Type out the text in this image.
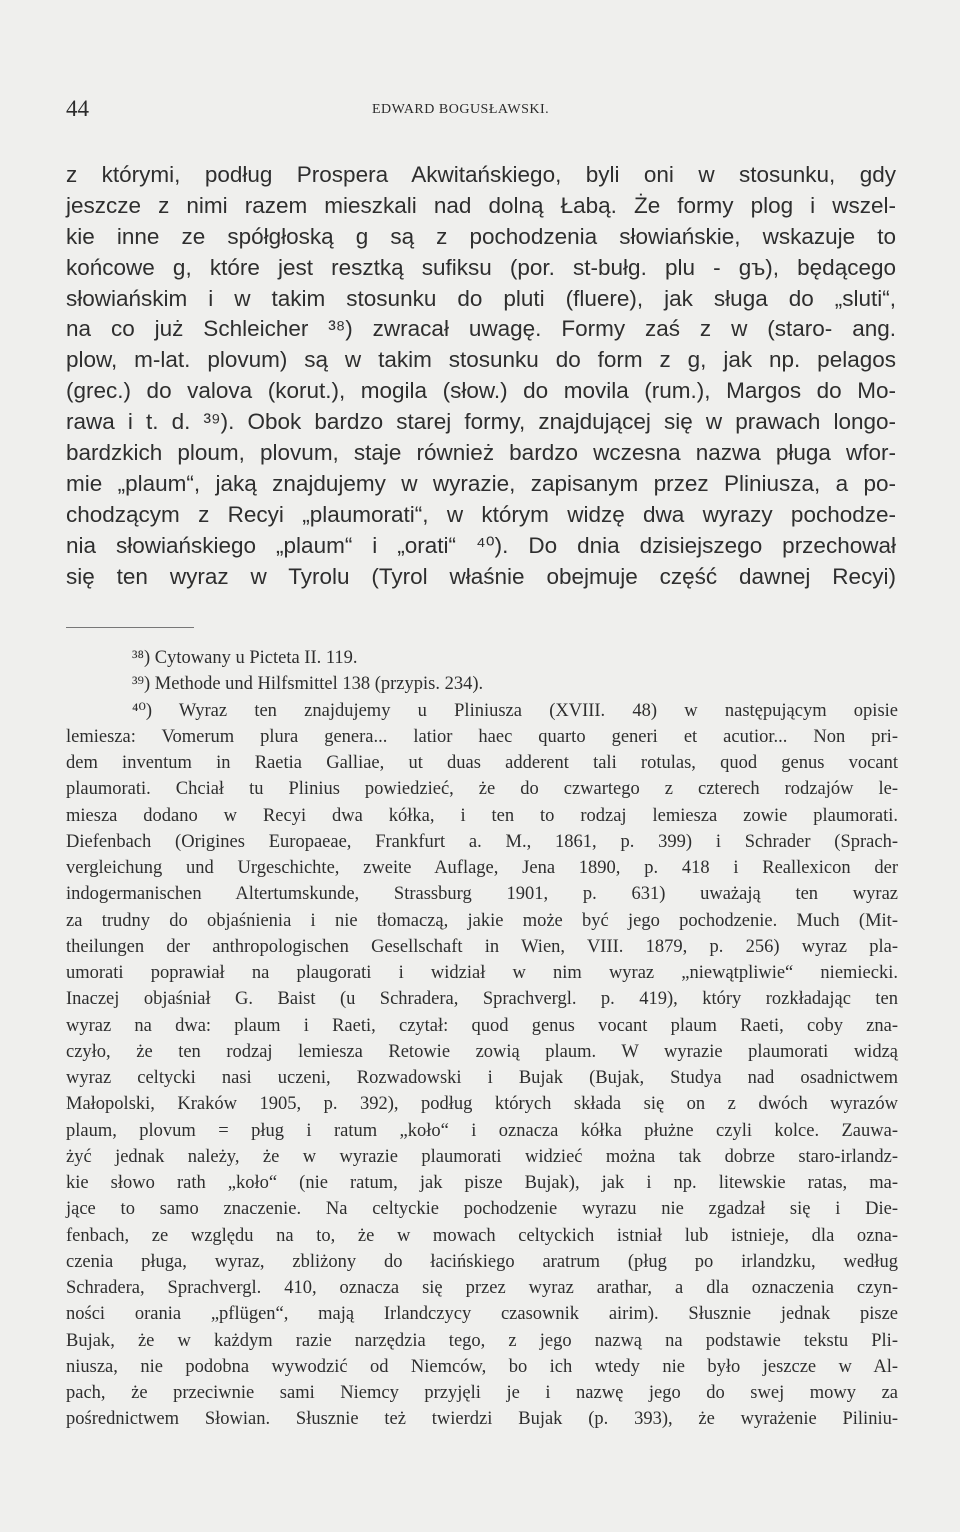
44	EDWARD BOGUSŁAWSKI.
z którymi, podług Prospera Akwitańskiego, byli oni w stosunku, gdy
jeszcze z nimi razem mieszkali nad dolną Łabą. Że formy plog i wszel-
kie inne ze spółgłoską g są z pochodzenia słowiańskie, wskazuje to
końcowe g, które jest resztką sufiksu (por. st-bułg. plu - gъ), będącego
słowiańskim i w takim stosunku do pluti (fluere), jak sługa do „sluti“,
na co już Schleicher ³⁸) zwracał uwagę. Formy zaś z w (staro- ang.
plow, m-lat. plovum) są w takim stosunku do form z g, jak np. pelagos
(grec.) do valova (korut.), mogila (słow.) do movila (rum.), Margos do Mo-
rawa i t. d. ³⁹). Obok bardzo starej formy, znajdującej się w prawach longo-
bardzkich ploum, plovum, staje również bardzo wczesna nazwa pługa wfor-
mie „plaum“, jaką znajdujemy w wyrazie, zapisanym przez Pliniusza, a po-
chodzącym z Recyi „plaumorati“, w którym widzę dwa wyrazy pochodze-
nia słowiańskiego „plaum“ i „orati“ ⁴⁰). Do dnia dzisiejszego przechował
się ten wyraz w Tyrolu (Tyrol właśnie obejmuje część dawnej Recyi)
³⁸) Cytowany u Picteta II. 119.
³⁹) Methode und Hilfsmittel 138 (przypis. 234).
⁴⁰) Wyraz ten znajdujemy u Pliniusza (XVIII. 48) w następującym opisie
lemiesza: Vomerum plura genera... latior haec quarto generi et acutior... Non pri-
dem inventum in Raetia Galliae, ut duas adderent tali rotulas, quod genus vocant
plaumorati. Chciał tu Plinius powiedzieć, że do czwartego z czterech rodzajów le-
miesza dodano w Recyi dwa kółka, i ten to rodzaj lemiesza zowie plaumorati.
Diefenbach (Origines Europaeae, Frankfurt a. M., 1861, p. 399) i Schrader (Sprach-
vergleichung und Urgeschichte, zweite Auflage, Jena 1890, p. 418 i Reallexicon der
indogermanischen Altertumskunde, Strassburg 1901, p. 631) uważają ten wyraz
za trudny do objaśnienia i nie tłomaczą, jakie może być jego pochodzenie. Much (Mit-
theilungen der anthropologischen Gesellschaft in Wien, VIII. 1879, p. 256) wyraz pla-
umorati poprawiał na plaugorati i widział w nim wyraz „niewątpliwie“ niemiecki.
Inaczej objaśniał G. Baist (u Schradera, Sprachvergl. p. 419), który rozkładając ten
wyraz na dwa: plaum i Raeti, czytał: quod genus vocant plaum Raeti, coby zna-
czyło, że ten rodzaj lemiesza Retowie zowią plaum. W wyrazie plaumorati widzą
wyraz celtycki nasi uczeni, Rozwadowski i Bujak (Bujak, Studya nad osadnictwem
Małopolski, Kraków 1905, p. 392), podług których składa się on z dwóch wyrazów
plaum, plovum = pług i ratum „koło“ i oznacza kółka płużne czyli kolce. Zauwa-
żyć jednak należy, że w wyrazie plaumorati widzieć można tak dobrze staro-irlandz-
kie słowo rath „koło“ (nie ratum, jak pisze Bujak), jak i np. litewskie ratas, ma-
jące to samo znaczenie. Na celtyckie pochodzenie wyrazu nie zgadzał się i Die-
fenbach, ze względu na to, że w mowach celtyckich istniał lub istnieje, dla ozna-
czenia pługa, wyraz, zbliżony do łacińskiego aratrum (pług po irlandzku, według
Schradera, Sprachvergl. 410, oznacza się przez wyraz arathar, a dla oznaczenia czyn-
ności orania „pflügen“, mają Irlandczycy czasownik airim). Słusznie jednak pisze
Bujak, że w każdym razie narzędzia tego, z jego nazwą na podstawie tekstu Pli-
niusza, nie podobna wywodzić od Niemców, bo ich wtedy nie było jeszcze w Al-
pach, że przeciwnie sami Niemcy przyjęli je i nazwę jego do swej mowy za
pośrednictwem Słowian. Słusznie też twierdzi Bujak (p. 393), że wyrażenie Piliniu-
